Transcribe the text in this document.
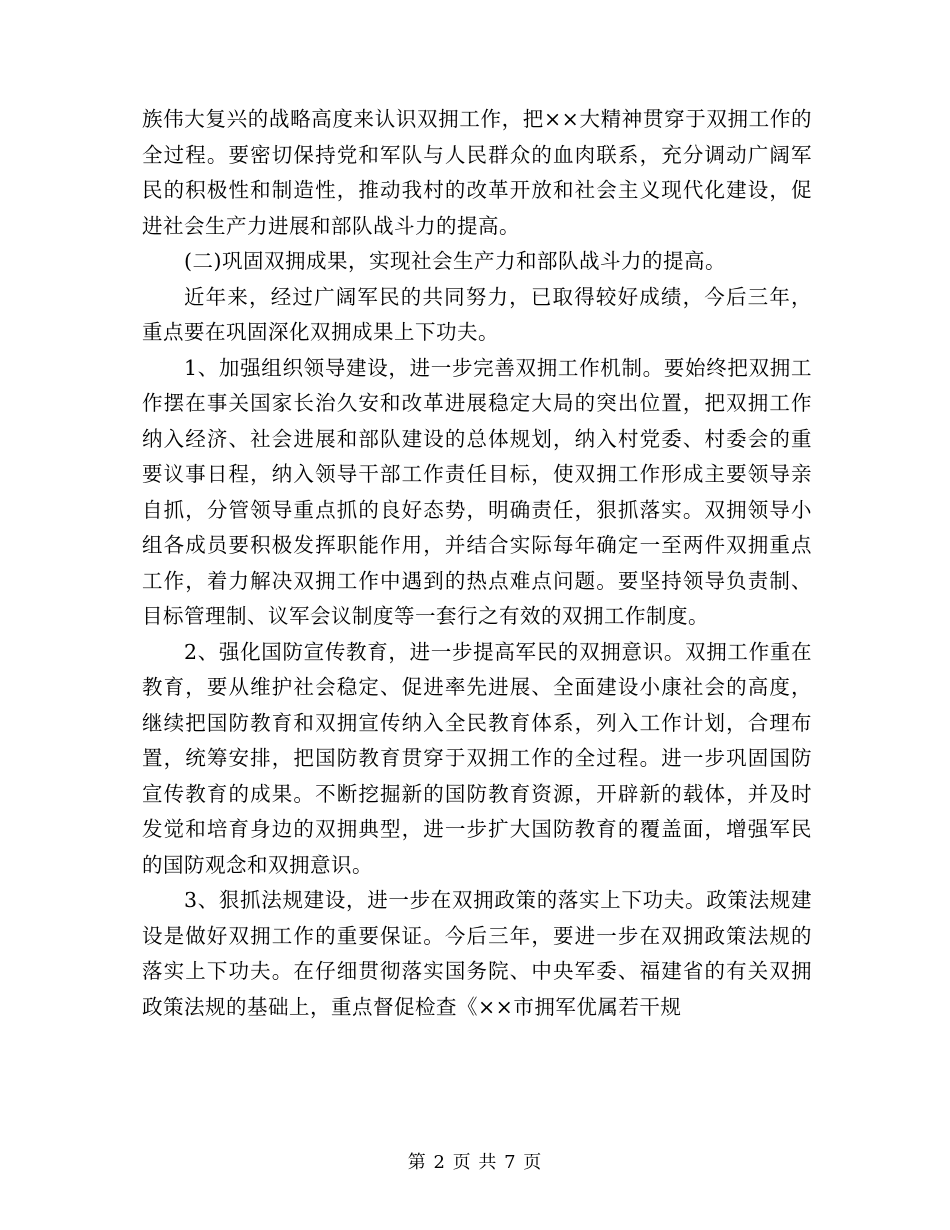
族伟大复兴的战略高度来认识双拥工作，把××大精神贯穿于双拥工作的全过程。要密切保持党和军队与人民群众的血肉联系，充分调动广阔军民的积极性和制造性，推动我村的改革开放和社会主义现代化建设，促进社会生产力进展和部队战斗力的提高。

(二)巩固双拥成果，实现社会生产力和部队战斗力的提高。

近年来，经过广阔军民的共同努力，已取得较好成绩，今后三年，重点要在巩固深化双拥成果上下功夫。

1、加强组织领导建设，进一步完善双拥工作机制。要始终把双拥工作摆在事关国家长治久安和改革进展稳定大局的突出位置，把双拥工作纳入经济、社会进展和部队建设的总体规划，纳入村党委、村委会的重要议事日程，纳入领导干部工作责任目标，使双拥工作形成主要领导亲自抓，分管领导重点抓的良好态势，明确责任，狠抓落实。双拥领导小组各成员要积极发挥职能作用，并结合实际每年确定一至两件双拥重点工作，着力解决双拥工作中遇到的热点难点问题。要坚持领导负责制、目标管理制、议军会议制度等一套行之有效的双拥工作制度。

2、强化国防宣传教育，进一步提高军民的双拥意识。双拥工作重在教育，要从维护社会稳定、促进率先进展、全面建设小康社会的高度，继续把国防教育和双拥宣传纳入全民教育体系，列入工作计划，合理布置，统筹安排，把国防教育贯穿于双拥工作的全过程。进一步巩固国防宣传教育的成果。不断挖掘新的国防教育资源，开辟新的载体，并及时发觉和培育身边的双拥典型，进一步扩大国防教育的覆盖面，增强军民的国防观念和双拥意识。

3、狠抓法规建设，进一步在双拥政策的落实上下功夫。政策法规建设是做好双拥工作的重要保证。今后三年，要进一步在双拥政策法规的落实上下功夫。在仔细贯彻落实国务院、中央军委、福建省的有关双拥政策法规的基础上，重点督促检查《××市拥军优属若干规

第 2 页 共 7 页
